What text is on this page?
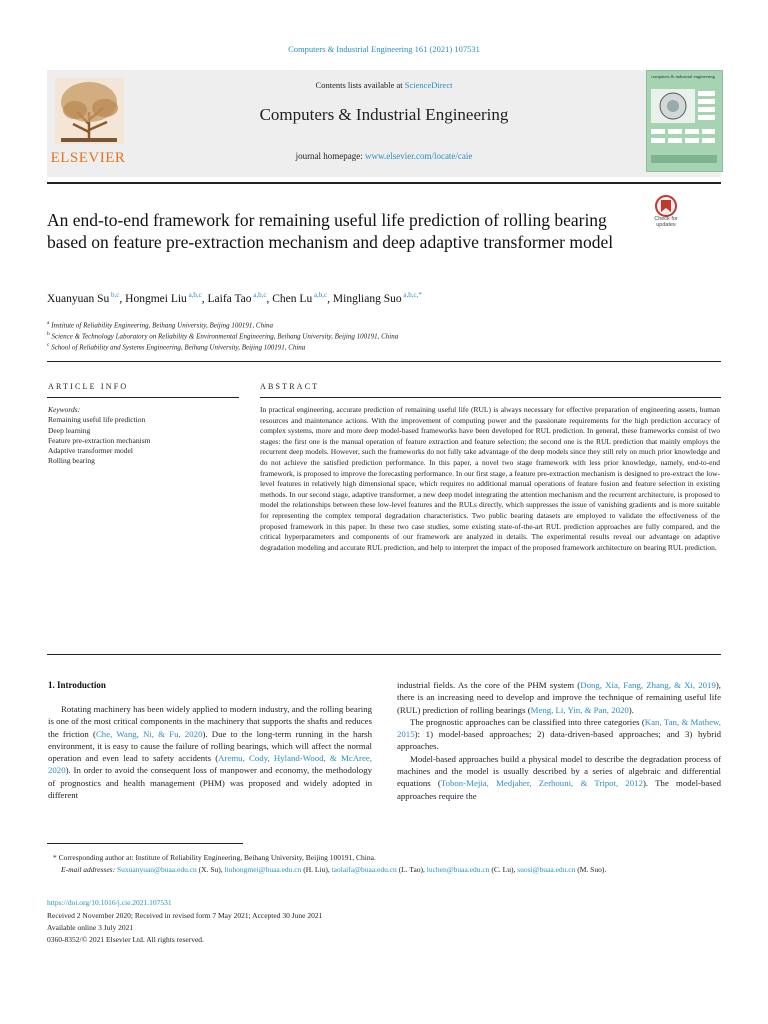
Computers & Industrial Engineering 161 (2021) 107531
ELSEVIER
Contents lists available at ScienceDirect
Computers & Industrial Engineering
journal homepage: www.elsevier.com/locate/caie
computers & industrial engineering
An end-to-end framework for remaining useful life prediction of rolling bearing based on feature pre-extraction mechanism and deep adaptive transformer model
Check for updates
Xuanyuan Su $^{b,c}$, Hongmei Liu $^{a,b,c}$, Laifa Tao $^{a,b,c}$, Chen Lu $^{a,b,c}$, Mingliang Suo $^{a,b,c,*}$
$^a$ Institute of Reliability Engineering, Beihang University, Beijing 100191, China
$^b$ Science & Technology Laboratory on Reliability & Environmental Engineering, Beihang University, Beijing 100191, China
$^c$ School of Reliability and Systems Engineering, Beihang University, Beijing 100191, China
ARTICLE INFO	ABSTRACT
Keywords:
Remaining useful life prediction
Deep learning
Feature pre-extraction mechanism
Adaptive transformer model
Rolling bearing
In practical engineering, accurate prediction of remaining useful life (RUL) is always necessary for effective preparation of engineering assets, human resources and maintenance actions. With the improvement of computing power and the passionate requirements for the high prediction accuracy of complex systems, more and more deep model-based frameworks have been developed for RUL prediction. In general, these frameworks consist of two stages: the first one is the manual operation of feature extraction and feature selection; the second one is the RUL prediction that mainly employs the recurrent deep models. However, such the frameworks do not fully take advantage of the deep models since they still rely on much prior knowledge and do not achieve the satisfied prediction performance. In this paper, a novel two stage framework with less prior knowledge, namely, end-to-end framework, is proposed to improve the forecasting performance. In our first stage, a feature pre-extraction mechanism is designed to pre-extract the low-level features in relatively high dimensional space, which requires no additional manual operations of feature fusion and feature selection in existing methods. In our second stage, adaptive transformer, a new deep model integrating the attention mechanism and the recurrent architecture, is proposed to model the relationships between these low-level features and the RULs directly, which suppresses the issue of vanishing gradients and is more suitable for representing the complex temporal degradation characteristics. Two public bearing datasets are employed to validate the effectiveness of the proposed framework in this paper. In these two case studies, some existing state-of-the-art RUL prediction approaches are fully compared, and the critical hyperparameters and components of our framework are analyzed in details. The experimental results reveal our advantage on adaptive degradation modeling and accurate RUL prediction, and help to interpret the impact of the proposed framework architecture on bearing RUL prediction.
1. Introduction

Rotating machinery has been widely applied to modern industry, and the rolling bearing is one of the most critical components in the machinery that supports the shafts and reduces the friction (Che, Wang, Ni, & Fu, 2020). Due to the long-term running in the harsh environment, it is easy to cause the failure of rolling bearings, which will affect the normal operation and even lead to safety accidents (Aremu, Cody, Hyland-Wood, & McAree, 2020). In order to avoid the consequent loss of manpower and economy, the methodology of prognostics and health management (PHM) was proposed and widely adopted in different

industrial fields. As the core of the PHM system (Dong, Xia, Fang, Zhang, & Xi, 2019), there is an increasing need to develop and improve the technique of remaining useful life (RUL) prediction of rolling bearings (Meng, Li, Yin, & Pan, 2020).

The prognostic approaches can be classified into three categories (Kan, Tan, & Mathew, 2015): 1) model-based approaches; 2) data-driven-based approaches; and 3) hybrid approaches.

Model-based approaches build a physical model to describe the degradation process of machines and the model is usually described by a series of algebraic and differential equations (Tobon-Mejia, Medjaher, Zerhouni, & Tripot, 2012). The model-based approaches require the

* Corresponding author at: Institute of Reliability Engineering, Beihang University, Beijing 100191, China.
E-mail addresses: Suxuanyuan@buaa.edu.cn (X. Su), liuhongmei@buaa.edu.cn (H. Liu), taolaifa@buaa.edu.cn (L. Tao), luchen@buaa.edu.cn (C. Lu), suosi@buaa.edu.cn (M. Suo).
https://doi.org/10.1016/j.cie.2021.107531
Received 2 November 2020; Received in revised form 7 May 2021; Accepted 30 June 2021
Available online 3 July 2021
0360-8352/© 2021 Elsevier Ltd. All rights reserved.
